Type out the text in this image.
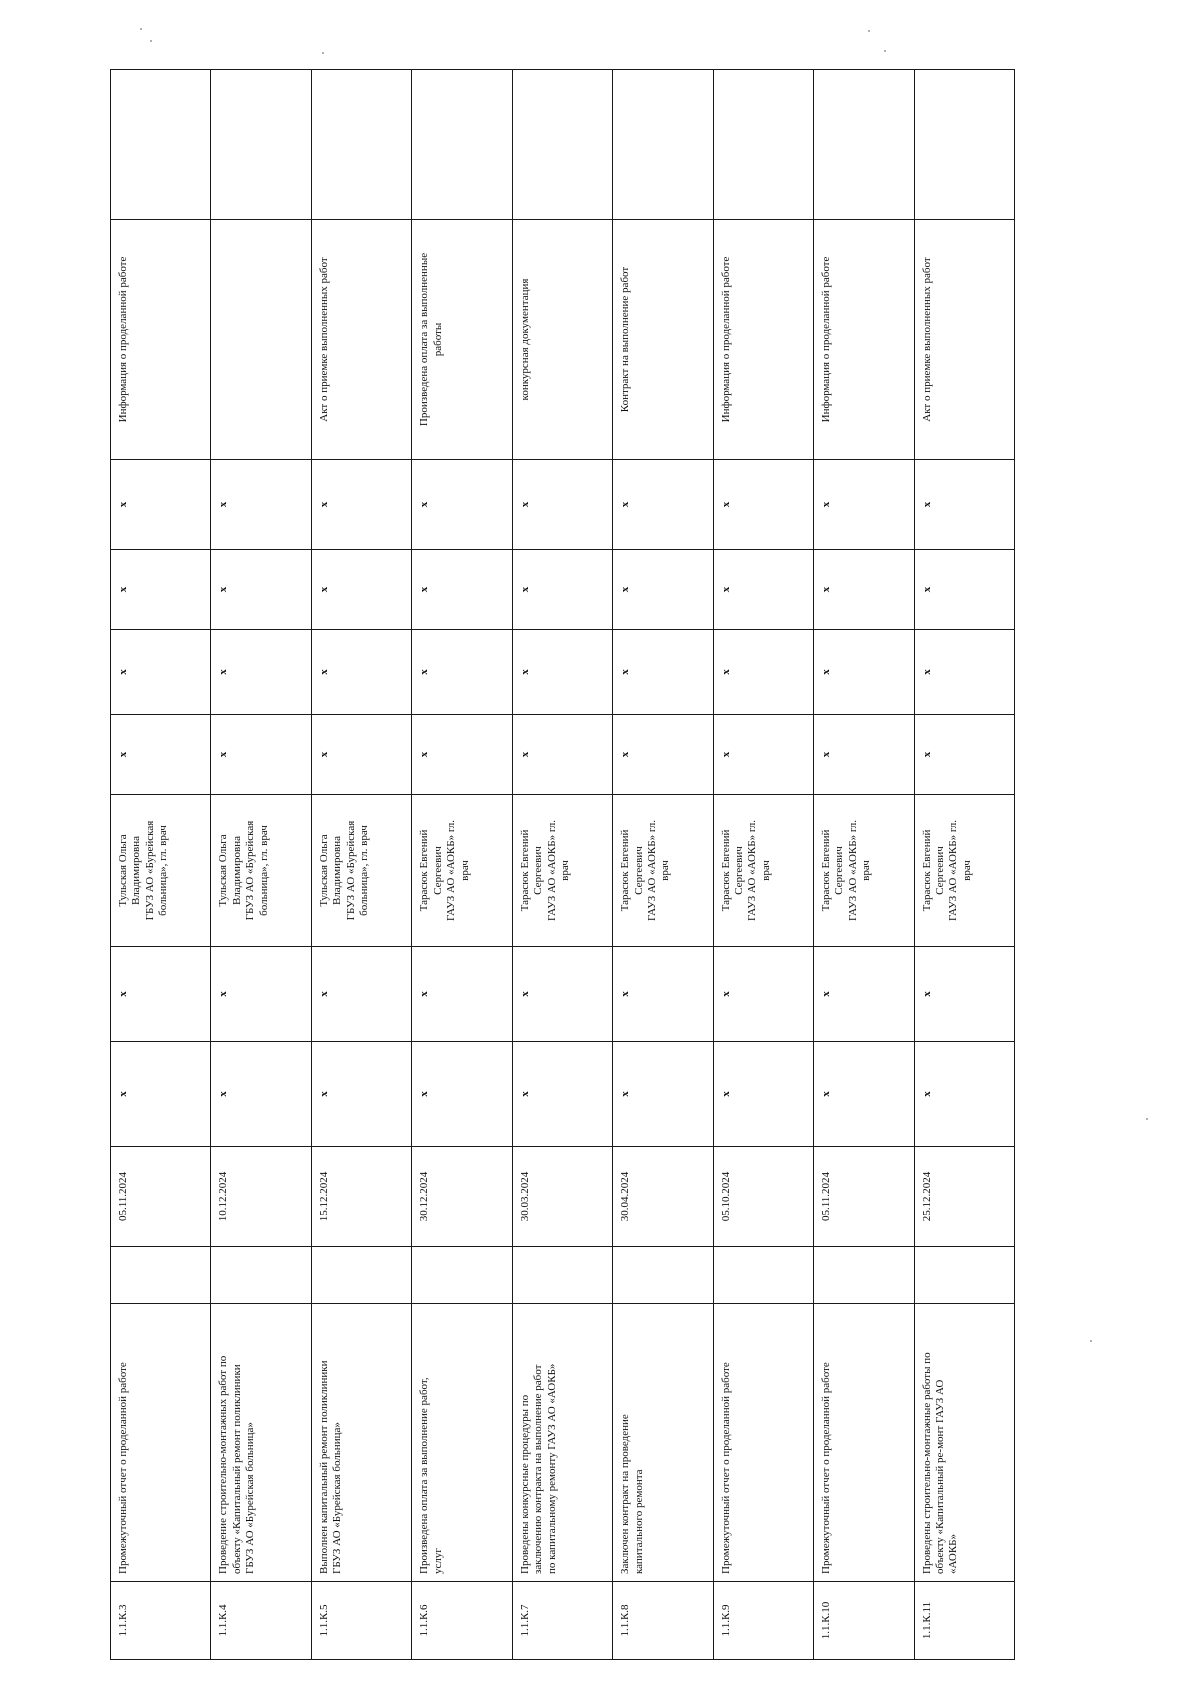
1.1.К.3	Промежуточный отчет о проделанной работе		05.11.2024	х	х	Тульская Ольга
Владимировна
ГБУЗ АО «Бурейская
больница», гл. врач	х	х	х	х	Информация о проделанной работе	
1.1.К.4	Проведение строительно-монтажных работ по
объекту «Капитальный ремонт поликлиники
ГБУЗ АО «Бурейская больница»		10.12.2024	х	х	Тульская Ольга
Владимировна
ГБУЗ АО «Бурейская
больница», гл. врач	х	х	х	х		
1.1.К.5	Выполнен капитальный ремонт поликлиники
ГБУЗ АО «Бурейская больница»		15.12.2024	х	х	Тульская Ольга
Владимировна
ГБУЗ АО «Бурейская
больница», гл. врач	х	х	х	х	Акт о приемке выполненных работ	
1.1.К.6	Произведена оплата за выполнение работ,
услуг		30.12.2024	х	х	Тарасюк Евгений
Сергеевич
ГАУЗ АО «АОКБ» гл.
врач	х	х	х	х	Произведена оплата за выполненные
работы	
1.1.К.7	Проведены конкурсные процедуры по
заключению контракта на выполнение работ
по капитальному ремонту ГАУЗ АО «АОКБ»		30.03.2024	х	х	Тарасюк Евгений
Сергеевич
ГАУЗ АО «АОКБ» гл.
врач	х	х	х	х	конкурсная документация	
1.1.К.8	Заключен контракт на проведение
капитального ремонта		30.04.2024	х	х	Тарасюк Евгений
Сергеевич
ГАУЗ АО «АОКБ» гл.
врач	х	х	х	х	Контракт на выполнение работ	
1.1.К.9	Промежуточный отчет о проделанной работе		05.10.2024	х	х	Тарасюк Евгений
Сергеевич
ГАУЗ АО «АОКБ» гл.
врач	х	х	х	х	Информация о проделанной работе	
1.1.К.10	Промежуточный отчет о проделанной работе		05.11.2024	х	х	Тарасюк Евгений
Сергеевич
ГАУЗ АО «АОКБ» гл.
врач	х	х	х	х	Информация о проделанной работе	
1.1.К.11	Проведены строительно-монтажные работы по
объекту «Капитальный ре-монт ГАУЗ АО
«АОКБ»		25.12.2024	х	х	Тарасюк Евгений
Сергеевич
ГАУЗ АО «АОКБ» гл.
врач	х	х	х	х	Акт о приемке выполненных работ	
